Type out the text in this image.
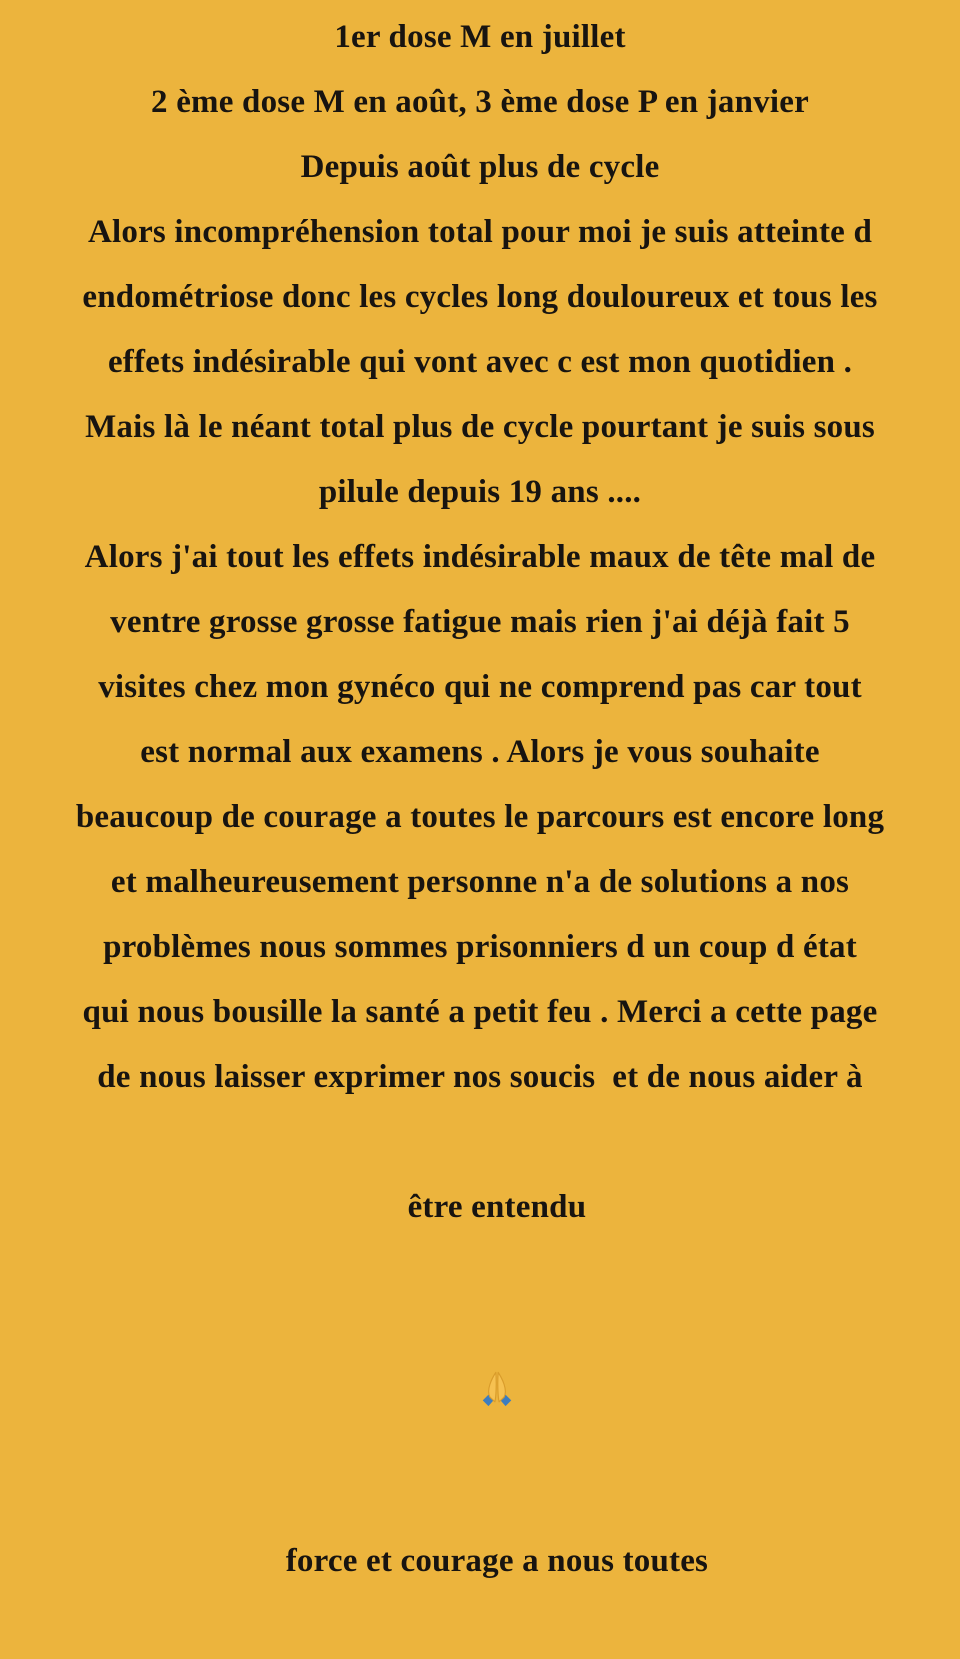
1er dose M en juillet
2 ème dose M en août, 3 ème dose P en janvier
Depuis août plus de cycle
Alors incompréhension total pour moi je suis atteinte d
endométriose donc les cycles long douloureux et tous les
effets indésirable qui vont avec c est mon quotidien .
Mais là le néant total plus de cycle pourtant je suis sous
pilule depuis 19 ans ....
Alors j'ai tout les effets indésirable maux de tête mal de
ventre grosse grosse fatigue mais rien j'ai déjà fait 5
visites chez mon gynéco qui ne comprend pas car tout
est normal aux examens . Alors je vous souhaite
beaucoup de courage a toutes le parcours est encore long
et malheureusement personne n'a de solutions a nos
problèmes nous sommes prisonniers d un coup d état
qui nous bousille la santé a petit feu . Merci a cette page
de nous laisser exprimer nos soucis  et de nous aider à

être entendu

force et courage a nous toutes
